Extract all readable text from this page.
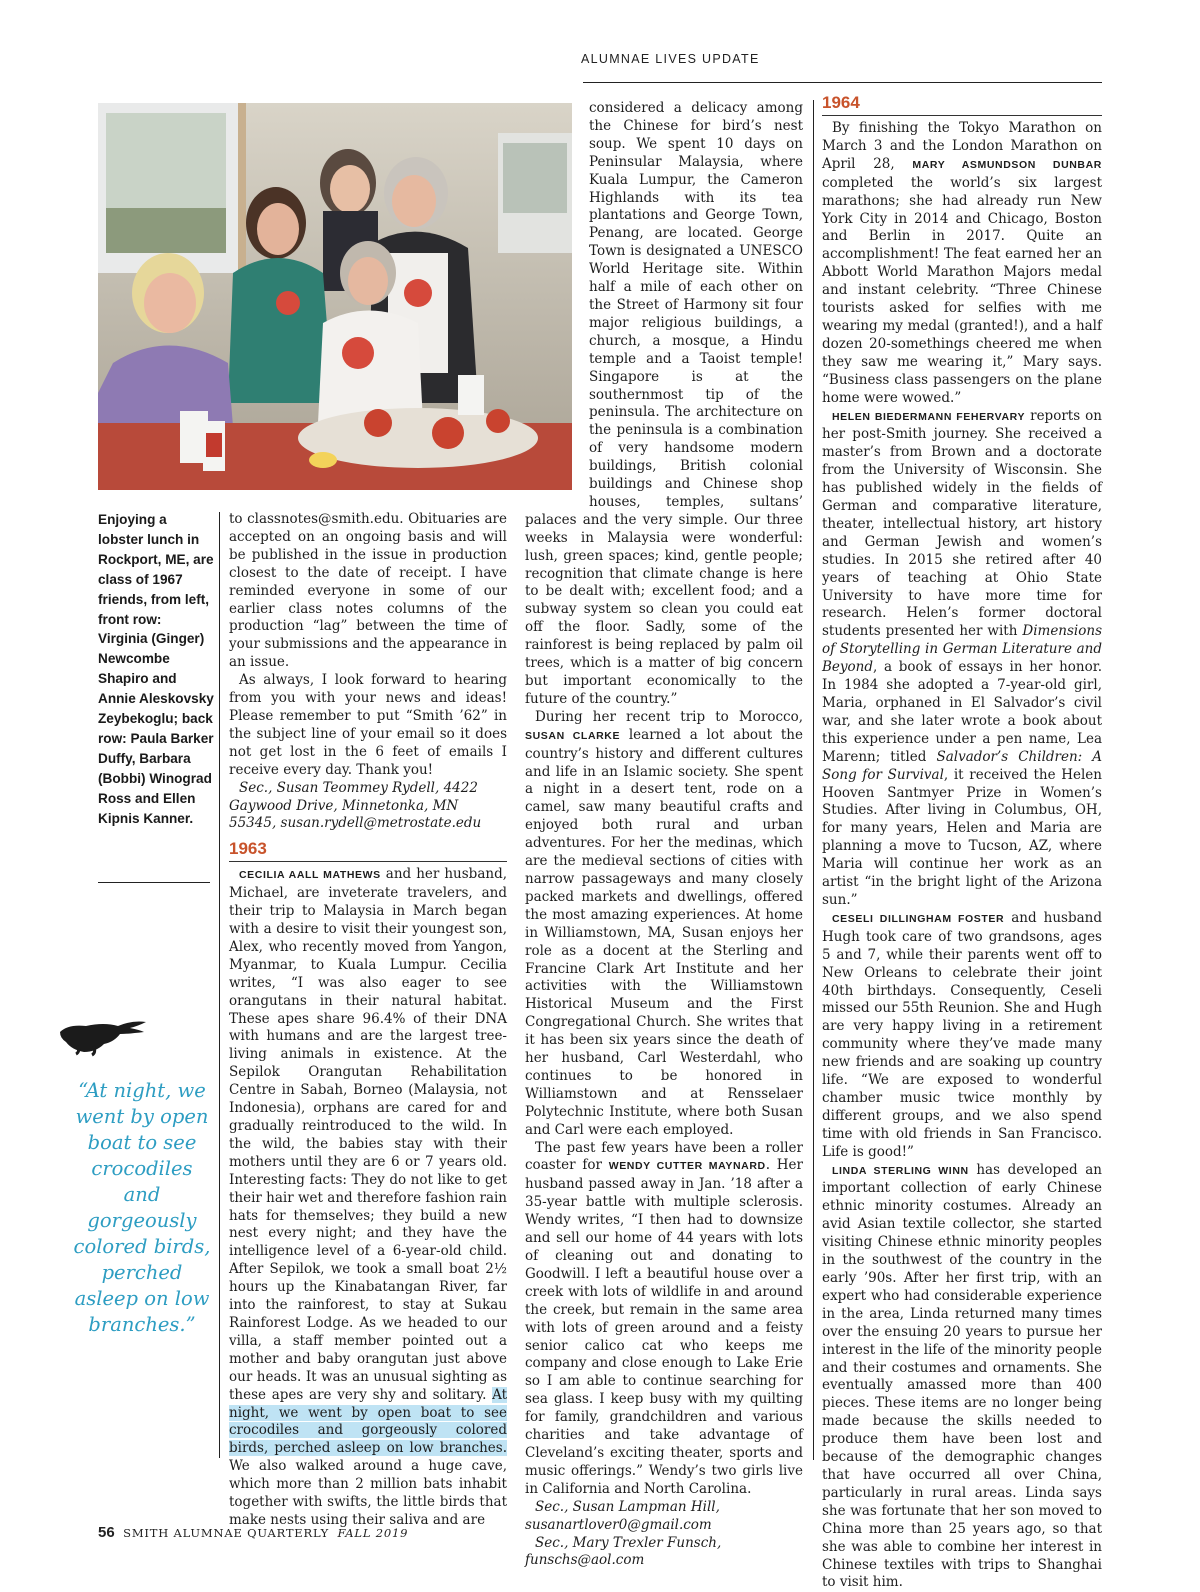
ALUMNAE LIVES UPDATE
Enjoying a lobster lunch in Rockport, ME, are class of 1967 friends, from left, front row: Virginia (Ginger) Newcombe Shapiro and Annie Aleskovsky Zeybekoglu; back row: Paula Barker Duffy, Barbara (Bobbi) Winograd Ross and Ellen Kipnis Kanner.
“At night, we went by open boat to see crocodiles and gorgeously colored birds, perched asleep on low branches.”

to classnotes@smith.edu. Obituaries are accepted on an ongoing basis and will be published in the issue in production closest to the date of receipt. I have reminded everyone in some of our earlier class notes columns of the production “lag” between the time of your submissions and the appearance in an issue.

As always, I look forward to hearing from you with your news and ideas! Please remember to put “Smith ’62” in the subject line of your email so it does not get lost in the 6 feet of emails I receive every day. Thank you!

Sec., Susan Teommey Rydell, 4422 Gaywood Drive, Minnetonka, MN 55345, susan.rydell@metrostate.edu

1963

CECILIA AALL MATHEWS and her husband, Michael, are inveterate travelers, and their trip to Malaysia in March began with a desire to visit their youngest son, Alex, who recently moved from Yangon, Myanmar, to Kuala Lumpur. Cecilia writes, “I was also eager to see orangutans in their natural habitat. These apes share 96.4% of their DNA with humans and are the largest tree-living animals in existence. At the Sepilok Orangutan Rehabilitation Centre in Sabah, Borneo (Malaysia, not Indonesia), orphans are cared for and gradually reintroduced to the wild. In the wild, the babies stay with their mothers until they are 6 or 7 years old. Interesting facts: They do not like to get their hair wet and therefore fashion rain hats for themselves; they build a new nest every night; and they have the intelligence level of a 6-year-old child. After Sepilok, we took a small boat 2½ hours up the Kinabatangan River, far into the rainforest, to stay at Sukau Rainforest Lodge. As we headed to our villa, a staff member pointed out a mother and baby orangutan just above our heads. It was an unusual sighting as these apes are very shy and solitary. At night, we went by open boat to see crocodiles and gorgeously colored birds, perched asleep on low branches. We also walked around a huge cave, which more than 2 million bats inhabit together with swifts, the little birds that make nests using their saliva and are

considered a delicacy among the Chinese for bird’s nest soup. We spent 10 days on Peninsular Malaysia, where Kuala Lumpur, the Cameron Highlands with its tea plantations and George Town, Penang, are located. George Town is designated a UNESCO World Heritage site. Within half a mile of each other on the Street of Harmony sit four major religious buildings, a church, a mosque, a Hindu temple and a Taoist temple! Singapore is at the southernmost tip of the peninsula. The architecture on the peninsula is a combination of very handsome modern buildings, British colonial buildings and Chinese shop houses, temples, sultans’ palaces and the very simple. Our three weeks in Malaysia were wonderful: lush, green spaces; kind, gentle people; recognition that climate change is here to be dealt with; excellent food; and a subway system so clean you could eat off the floor. Sadly, some of the rainforest is being replaced by palm oil trees, which is a matter of big concern but important economically to the future of the country.”

During her recent trip to Morocco, SUSAN CLARKE learned a lot about the country’s history and different cultures and life in an Islamic society. She spent a night in a desert tent, rode on a camel, saw many beautiful crafts and enjoyed both rural and urban adventures. For her the medinas, which are the medieval sections of cities with narrow passageways and many closely packed markets and dwellings, offered the most amazing experiences. At home in Williamstown, MA, Susan enjoys her role as a docent at the Sterling and Francine Clark Art Institute and her activities with the Williamstown Historical Museum and the First Congregational Church. She writes that it has been six years since the death of her husband, Carl Westerdahl, who continues to be honored in Williamstown and at Rensselaer Polytechnic Institute, where both Susan and Carl were each employed.

The past few years have been a roller coaster for WENDY CUTTER MAYNARD. Her husband passed away in Jan. ’18 after a 35-year battle with multiple sclerosis. Wendy writes, “I then had to downsize and sell our home of 44 years with lots of cleaning out and donating to Goodwill. I left a beautiful house over a creek with lots of wildlife in and around the creek, but remain in the same area with lots of green around and a feisty senior calico cat who keeps me company and close enough to Lake Erie so I am able to continue searching for sea glass. I keep busy with my quilting for family, grandchildren and various charities and take advantage of Cleveland’s exciting theater, sports and music offerings.” Wendy’s two girls live in California and North Carolina.

Sec., Susan Lampman Hill, susanartlover0@gmail.com

Sec., Mary Trexler Funsch, funschs@aol.com

1964

By finishing the Tokyo Marathon on March 3 and the London Marathon on April 28, MARY ASMUNDSON DUNBAR completed the world’s six largest marathons; she had already run New York City in 2014 and Chicago, Boston and Berlin in 2017. Quite an accomplishment! The feat earned her an Abbott World Marathon Majors medal and instant celebrity. “Three Chinese tourists asked for selfies with me wearing my medal (granted!), and a half dozen 20-somethings cheered me when they saw me wearing it,” Mary says. “Business class passengers on the plane home were wowed.”

HELEN BIEDERMANN FEHERVARY reports on her post-Smith journey. She received a master’s from Brown and a doctorate from the University of Wisconsin. She has published widely in the fields of German and comparative literature, theater, intellectual history, art history and German Jewish and women’s studies. In 2015 she retired after 40 years of teaching at Ohio State University to have more time for research. Helen’s former doctoral students presented her with Dimensions of Storytelling in German Literature and Beyond, a book of essays in her honor. In 1984 she adopted a 7-year-old girl, Maria, orphaned in El Salvador’s civil war, and she later wrote a book about this experience under a pen name, Lea Marenn; titled Salvador’s Children: A Song for Survival, it received the Helen Hooven Santmyer Prize in Women’s Studies. After living in Columbus, OH, for many years, Helen and Maria are planning a move to Tucson, AZ, where Maria will continue her work as an artist “in the bright light of the Arizona sun.”

CESELI DILLINGHAM FOSTER and husband Hugh took care of two grandsons, ages 5 and 7, while their parents went off to New Orleans to celebrate their joint 40th birthdays. Consequently, Ceseli missed our 55th Reunion. She and Hugh are very happy living in a retirement community where they’ve made many new friends and are soaking up country life. “We are exposed to wonderful chamber music twice monthly by different groups, and we also spend time with old friends in San Francisco. Life is good!”

LINDA STERLING WINN has developed an important collection of early Chinese ethnic minority costumes. Already an avid Asian textile collector, she started visiting Chinese ethnic minority peoples in the southwest of the country in the early ’90s. After her first trip, with an expert who had considerable experience in the area, Linda returned many times over the ensuing 20 years to pursue her interest in the life of the minority people and their costumes and ornaments. She eventually amassed more than 400 pieces. These items are no longer being made because the skills needed to produce them have been lost and because of the demographic changes that have occurred all over China, particularly in rural areas. Linda says she was fortunate that her son moved to China more than 25 years ago, so that she was able to combine her interest in Chinese textiles with trips to Shanghai to visit him.

56 SMITH ALUMNAE QUARTERLY FALL 2019
